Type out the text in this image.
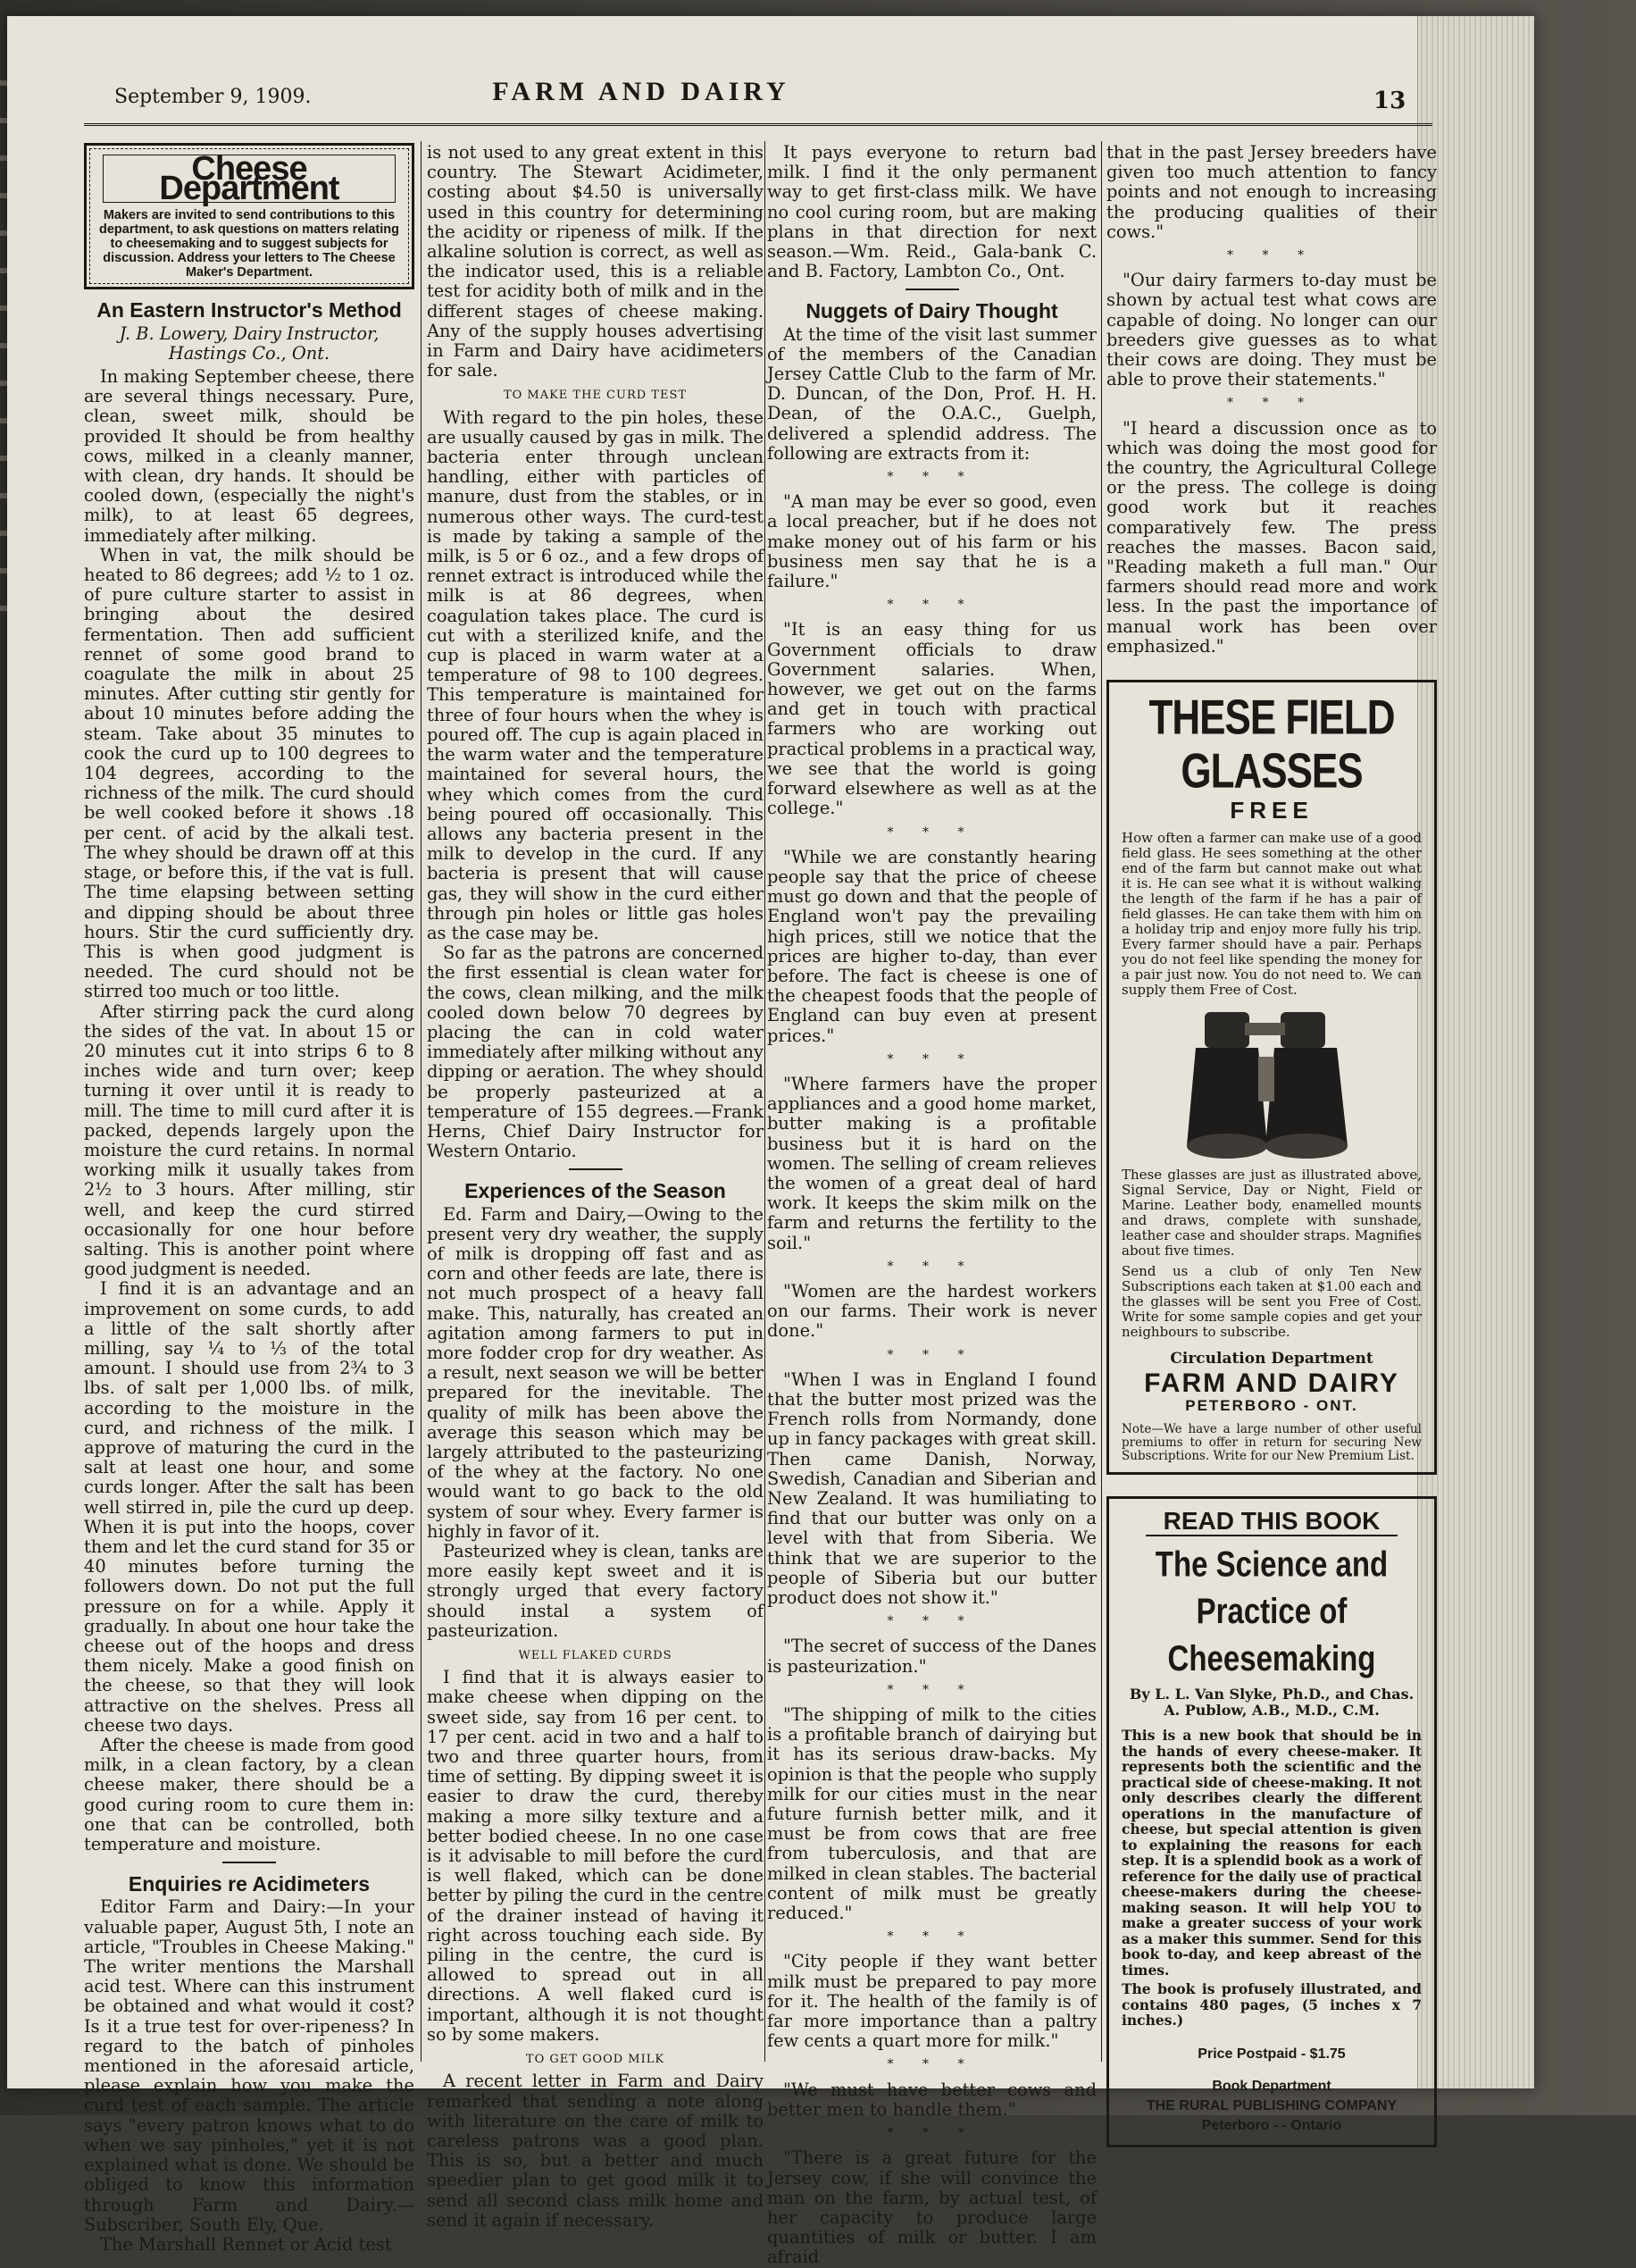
September 9, 1909.	FARM AND DAIRY	13
Cheese Department
Makers are invited to send contributions to this department, to ask questions on matters relating to cheesemaking and to suggest subjects for discussion. Address your letters to The Cheese Maker's Department.
An Eastern Instructor's Method
J. B. Lowery, Dairy Instructor, Hastings Co., Ont.

In making September cheese, there are several things necessary. Pure, clean, sweet milk, should be provided It should be from healthy cows, milked in a cleanly manner, with clean, dry hands. It should be cooled down, (especially the night's milk), to at least 65 degrees, immediately after milking.

When in vat, the milk should be heated to 86 degrees; add ½ to 1 oz. of pure culture starter to assist in bringing about the desired fermentation. Then add sufficient rennet of some good brand to coagulate the milk in about 25 minutes. After cutting stir gently for about 10 minutes before adding the steam. Take about 35 minutes to cook the curd up to 100 degrees to 104 degrees, according to the richness of the milk. The curd should be well cooked before it shows .18 per cent. of acid by the alkali test. The whey should be drawn off at this stage, or before this, if the vat is full. The time elapsing between setting and dipping should be about three hours. Stir the curd sufficiently dry. This is when good judgment is needed. The curd should not be stirred too much or too little.

After stirring pack the curd along the sides of the vat. In about 15 or 20 minutes cut it into strips 6 to 8 inches wide and turn over; keep turning it over until it is ready to mill. The time to mill curd after it is packed, depends largely upon the moisture the curd retains. In normal working milk it usually takes from 2½ to 3 hours. After milling, stir well, and keep the curd stirred occasionally for one hour before salting. This is another point where good judgment is needed.

I find it is an advantage and an improvement on some curds, to add a little of the salt shortly after milling, say ¼ to ⅓ of the total amount. I should use from 2¾ to 3 lbs. of salt per 1,000 lbs. of milk, according to the moisture in the curd, and richness of the milk. I approve of maturing the curd in the salt at least one hour, and some curds longer. After the salt has been well stirred in, pile the curd up deep. When it is put into the hoops, cover them and let the curd stand for 35 or 40 minutes before turning the followers down. Do not put the full pressure on for a while. Apply it gradually. In about one hour take the cheese out of the hoops and dress them nicely. Make a good finish on the cheese, so that they will look attractive on the shelves. Press all cheese two days.

After the cheese is made from good milk, in a clean factory, by a clean cheese maker, there should be a good curing room to cure them in: one that can be controlled, both temperature and moisture.

Enquiries re Acidimeters

Editor Farm and Dairy:—In your valuable paper, August 5th, I note an article, "Troubles in Cheese Making." The writer mentions the Marshall acid test. Where can this instrument be obtained and what would it cost? Is it a true test for over-ripeness? In regard to the batch of pinholes mentioned in the aforesaid article, please explain how you make the curd test of each sample. The article says "every patron knows what to do when we say pinholes," yet it is not explained what is done. We should be obliged to know this information through Farm and Dairy.—Subscriber, South Ely, Que.

The Marshall Rennet or Acid test

is not used to any great extent in this country. The Stewart Acidimeter, costing about $4.50 is universally used in this country for determining the acidity or ripeness of milk. If the alkaline solution is correct, as well as the indicator used, this is a reliable test for acidity both of milk and in the different stages of cheese making. Any of the supply houses advertising in Farm and Dairy have acidimeters for sale.

TO MAKE THE CURD TEST

With regard to the pin holes, these are usually caused by gas in milk. The bacteria enter through unclean handling, either with particles of manure, dust from the stables, or in numerous other ways. The curd-test is made by taking a sample of the milk, is 5 or 6 oz., and a few drops of rennet extract is introduced while the milk is at 86 degrees, when coagulation takes place. The curd is cut with a sterilized knife, and the cup is placed in warm water at a temperature of 98 to 100 degrees. This temperature is maintained for three of four hours when the whey is poured off. The cup is again placed in the warm water and the temperature maintained for several hours, the whey which comes from the curd being poured off occasionally. This allows any bacteria present in the milk to develop in the curd. If any bacteria is present that will cause gas, they will show in the curd either through pin holes or little gas holes as the case may be.

So far as the patrons are concerned the first essential is clean water for the cows, clean milking, and the milk cooled down below 70 degrees by placing the can in cold water immediately after milking without any dipping or aeration. The whey should be properly pasteurized at a temperature of 155 degrees.—Frank Herns, Chief Dairy Instructor for Western Ontario.

Experiences of the Season

Ed. Farm and Dairy,—Owing to the present very dry weather, the supply of milk is dropping off fast and as corn and other feeds are late, there is not much prospect of a heavy fall make. This, naturally, has created an agitation among farmers to put in more fodder crop for dry weather. As a result, next season we will be better prepared for the inevitable. The quality of milk has been above the average this season which may be largely attributed to the pasteurizing of the whey at the factory. No one would want to go back to the old system of sour whey. Every farmer is highly in favor of it.

Pasteurized whey is clean, tanks are more easily kept sweet and it is strongly urged that every factory should instal a system of pasteurization.

WELL FLAKED CURDS

I find that it is always easier to make cheese when dipping on the sweet side, say from 16 per cent. to 17 per cent. acid in two and a half to two and three quarter hours, from time of setting. By dipping sweet it is easier to draw the curd, thereby making a more silky texture and a better bodied cheese. In no one case is it advisable to mill before the curd is well flaked, which can be done better by piling the curd in the centre of the drainer instead of having it right across touching each side. By piling in the centre, the curd is allowed to spread out in all directions. A well flaked curd is important, although it is not thought so by some makers.

TO GET GOOD MILK

A recent letter in Farm and Dairy remarked that sending a note along with literature on the care of milk to careless patrons was a good plan. This is so, but a better and much speedier plan to get good milk it to send all second class milk home and send it again if necessary.

It pays everyone to return bad milk. I find it the only permanent way to get first-class milk. We have no cool curing room, but are making plans in that direction for next season.—Wm. Reid., Gala-bank C. and B. Factory, Lambton Co., Ont.

Nuggets of Dairy Thought

At the time of the visit last summer of the members of the Canadian Jersey Cattle Club to the farm of Mr. D. Duncan, of the Don, Prof. H. H. Dean, of the O.A.C., Guelph, delivered a splendid address. The following are extracts from it:

* * *

"A man may be ever so good, even a local preacher, but if he does not make money out of his farm or his business men say that he is a failure."

* * *

"It is an easy thing for us Government officials to draw Government salaries. When, however, we get out on the farms and get in touch with practical farmers who are working out practical problems in a practical way, we see that the world is going forward elsewhere as well as at the college."

* * *

"While we are constantly hearing people say that the price of cheese must go down and that the people of England won't pay the prevailing high prices, still we notice that the prices are higher to-day, than ever before. The fact is cheese is one of the cheapest foods that the people of England can buy even at present prices."

* * *

"Where farmers have the proper appliances and a good home market, butter making is a profitable business but it is hard on the women. The selling of cream relieves the women of a great deal of hard work. It keeps the skim milk on the farm and returns the fertility to the soil."

* * *

"Women are the hardest workers on our farms. Their work is never done."

* * *

"When I was in England I found that the butter most prized was the French rolls from Normandy, done up in fancy packages with great skill. Then came Danish, Norway, Swedish, Canadian and Siberian and New Zealand. It was humiliating to find that our butter was only on a level with that from Siberia. We think that we are superior to the people of Siberia but our butter product does not show it."

* * *

"The secret of success of the Danes is pasteurization."

* * *

"The shipping of milk to the cities is a profitable branch of dairying but it has its serious draw-backs. My opinion is that the people who supply milk for our cities must in the near future furnish better milk, and it must be from cows that are free from tuberculosis, and that are milked in clean stables. The bacterial content of milk must be greatly reduced."

* * *

"City people if they want better milk must be prepared to pay more for it. The health of the family is of far more importance than a paltry few cents a quart more for milk."

* * *

"We must have better cows and better men to handle them."

* * *

"There is a great future for the Jersey cow, if she will convince the man on the farm, by actual test, of her capacity to produce large quantities of milk or butter. I am afraid

that in the past Jersey breeders have given too much attention to fancy points and not enough to increasing the producing qualities of their cows."

* * *

"Our dairy farmers to-day must be shown by actual test what cows are capable of doing. No longer can our breeders give guesses as to what their cows are doing. They must be able to prove their statements."

* * *

"I heard a discussion once as to which was doing the most good for the country, the Agricultural College or the press. The college is doing good work but it reaches comparatively few. The press reaches the masses. Bacon said, "Reading maketh a full man." Our farmers should read more and work less. In the past the importance of manual work has been over emphasized."

THESE FIELD GLASSES
FREE
How often a farmer can make use of a good field glass. He sees something at the other end of the farm but cannot make out what it is. He can see what it is without walking the length of the farm if he has a pair of field glasses. He can take them with him on a holiday trip and enjoy more fully his trip. Every farmer should have a pair. Perhaps you do not feel like spending the money for a pair just now. You do not need to. We can supply them Free of Cost.
These glasses are just as illustrated above, Signal Service, Day or Night, Field or Marine. Leather body, enamelled mounts and draws, complete with sunshade, leather case and shoulder straps. Magnifies about five times.
Send us a club of only Ten New Subscriptions each taken at $1.00 each and the glasses will be sent you Free of Cost. Write for some sample copies and get your neighbours to subscribe.
Circulation Department
FARM AND DAIRY
PETERBORO - ONT.
Note—We have a large number of other useful premiums to offer in return for securing New Subscriptions. Write for our New Premium List.
READ THIS BOOK
The Science and Practice of Cheesemaking
By L. L. Van Slyke, Ph.D., and Chas. A. Publow, A.B., M.D., C.M.
This is a new book that should be in the hands of every cheese-maker. It represents both the scientific and the practical side of cheese-making. It not only describes clearly the different operations in the manufacture of cheese, but special attention is given to explaining the reasons for each step. It is a splendid book as a work of reference for the daily use of practical cheese-makers during the cheese-making season. It will help YOU to make a greater success of your work as a maker this summer. Send for this book to-day, and keep abreast of the times.
The book is profusely illustrated, and contains 480 pages, (5 inches x 7 inches.)
Price Postpaid - $1.75
Book Department
THE RURAL PUBLISHING COMPANY
Peterboro - - Ontario
